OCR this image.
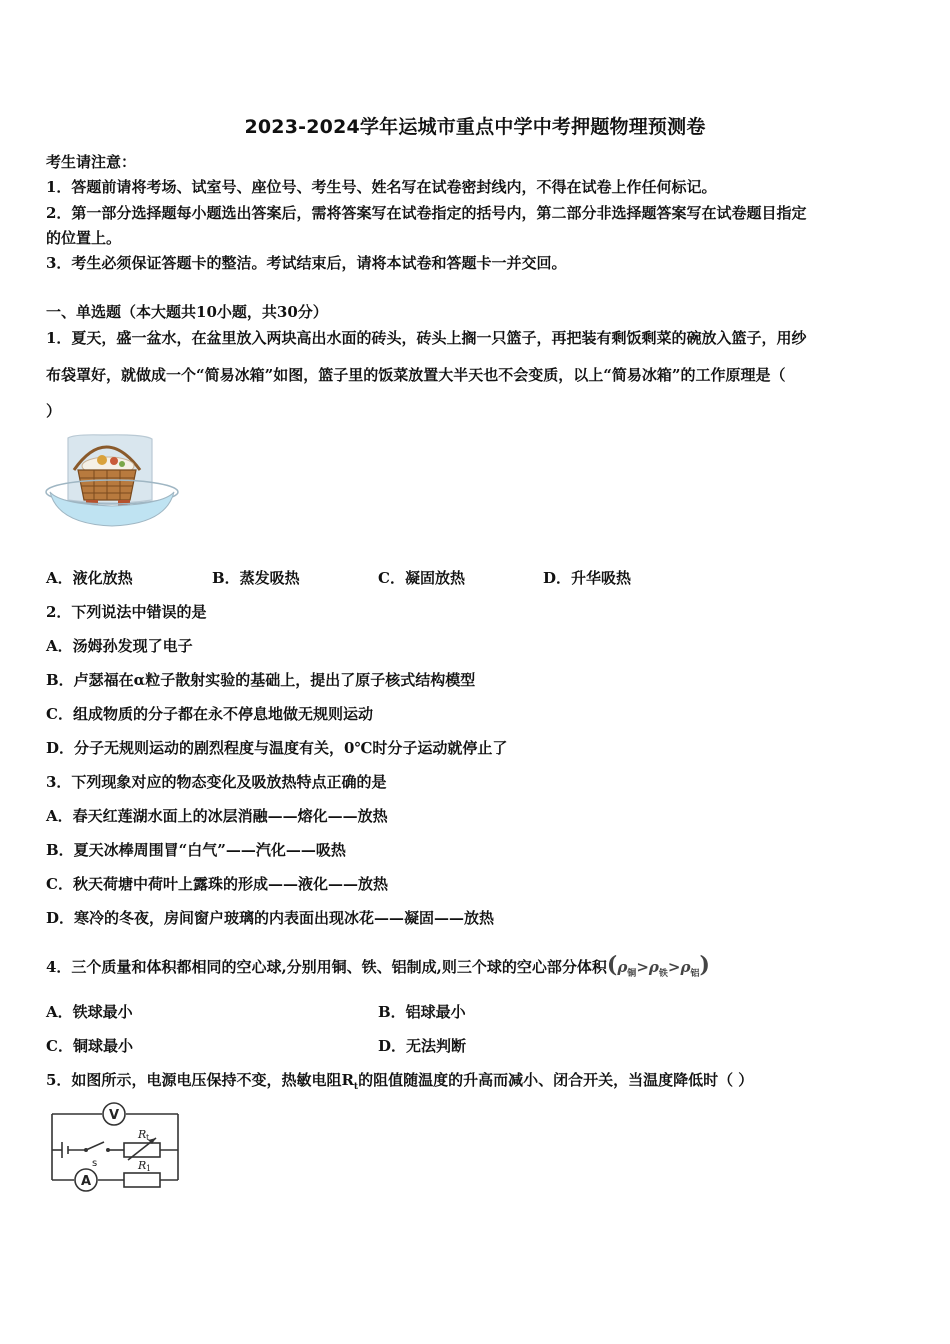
2023-2024学年运城市重点中学中考押题物理预测卷
考生请注意：
1．答题前请将考场、试室号、座位号、考生号、姓名写在试卷密封线内，不得在试卷上作任何标记。
2．第一部分选择题每小题选出答案后，需将答案写在试卷指定的括号内，第二部分非选择题答案写在试卷题目指定
的位置上。
3．考生必须保证答题卡的整洁。考试结束后，请将本试卷和答题卡一并交回。
一、单选题（本大题共10小题，共30分）
1．夏天，盛一盆水，在盆里放入两块高出水面的砖头，砖头上搁一只篮子，再把装有剩饭剩菜的碗放入篮子，用纱
布袋罩好，就做成一个“简易冰箱”如图，篮子里的饭菜放置大半天也不会变质，以上“简易冰箱”的工作原理是（
）
A．液化放热	B．蒸发吸热	C．凝固放热	D．升华吸热
2．下列说法中错误的是
A．汤姆孙发现了电子
B．卢瑟福在α粒子散射实验的基础上，提出了原子核式结构模型
C．组成物质的分子都在永不停息地做无规则运动
D．分子无规则运动的剧烈程度与温度有关，0℃时分子运动就停止了
3．下列现象对应的物态变化及吸放热特点正确的是
A．春天红莲湖水面上的冰层消融——熔化——放热
B．夏天冰棒周围冒“白气”——汽化——吸热
C．秋天荷塘中荷叶上露珠的形成——液化——放热
D．寒冷的冬夜，房间窗户玻璃的内表面出现冰花——凝固——放热
4．三个质量和体积都相同的空心球,分别用铜、铁、铝制成,则三个球的空心部分体积$(\rho_铜>\rho_铁>\rho_铝)$
A．铁球最小	B．铝球最小
C．铜球最小	D．无法判断
5．如图所示，电源电压保持不变，热敏电阻$R_t$的阻值随温度的升高而减小、闭合开关，当温度降低时（ ）
V
A
s
R t
R 1
